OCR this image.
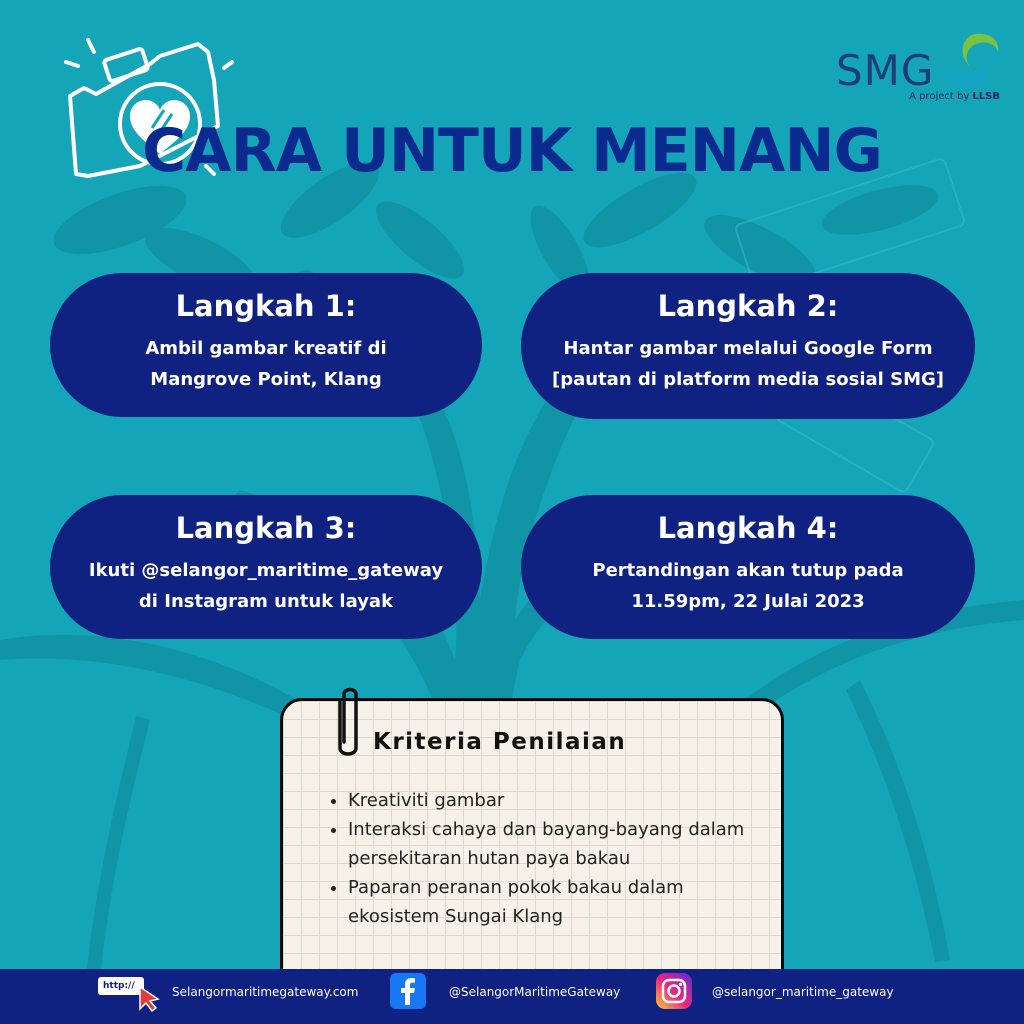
SMG
A project by LLSB
CARA UNTUK MENANG
Langkah 1:

Ambil gambar kreatif di
Mangrove Point, Klang

Langkah 2:

Hantar gambar melalui Google Form
[pautan di platform media sosial SMG]

Langkah 3:

Ikuti @selangor_maritime_gateway
di Instagram untuk layak

Langkah 4:

Pertandingan akan tutup pada
11.59pm, 22 Julai 2023

Kriteria Penilaian
• Kreativiti gambar
• Interaksi cahaya dan bayang-bayang dalam persekitaran hutan paya bakau
• Paparan peranan pokok bakau dalam ekosistem Sungai Klang
http://	Selangormaritimegateway.com	@SelangorMaritimeGateway	@selangor_maritime_gateway
